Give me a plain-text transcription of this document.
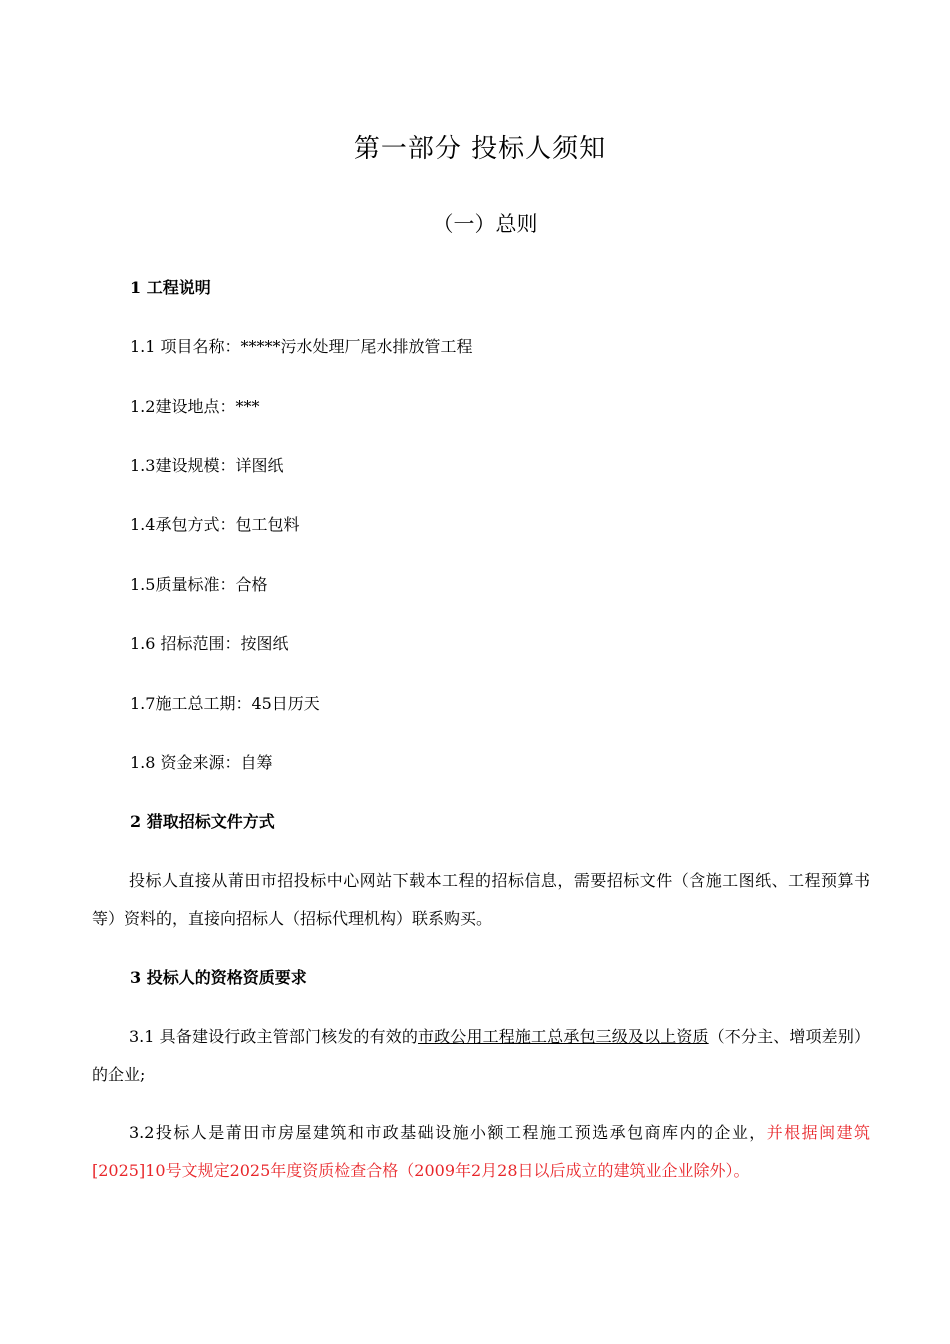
第一部分 投标人须知
（一）总则
1 工程说明
1.1 项目名称：*****污水处理厂尾水排放管工程
1.2建设地点：***
1.3建设规模：详图纸
1.4承包方式：包工包料
1.5质量标准：合格
1.6 招标范围：按图纸
1.7施工总工期：45日历天
1.8 资金来源：自筹
2 猎取招标文件方式
投标人直接从莆田市招投标中心网站下载本工程的招标信息，需要招标文件（含施工图纸、工程预算书等）资料的，直接向招标人（招标代理机构）联系购买。
3 投标人的资格资质要求
3.1 具备建设行政主管部门核发的有效的市政公用工程施工总承包三级及以上资质（不分主、增项差别）的企业;
3.2投标人是莆田市房屋建筑和市政基础设施小额工程施工预选承包商库内的企业，并根据闽建筑[2025]10号文规定2025年度资质检查合格（2009年2月28日以后成立的建筑业企业除外）。
